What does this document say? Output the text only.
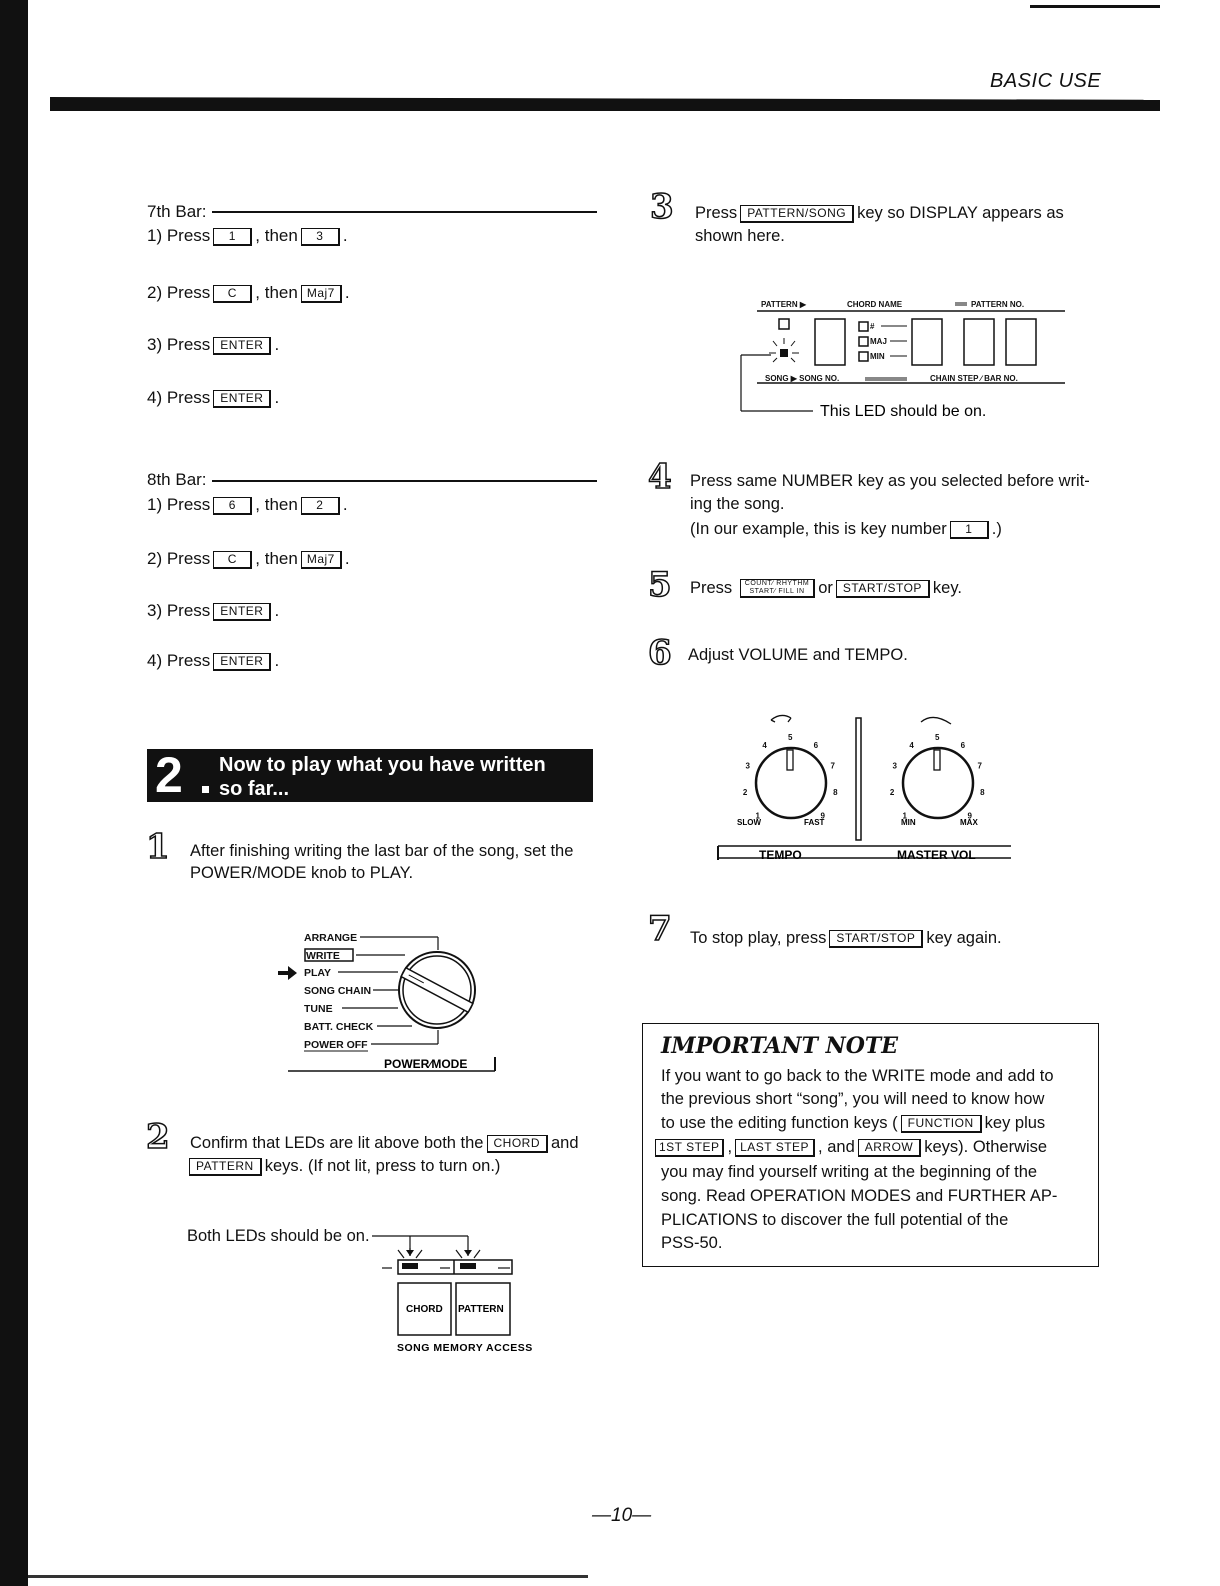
BASIC USE
7th Bar:
1) Press 1 , then 3 .
2) Press C , then Maj7 .
3) Press ENTER .
4) Press ENTER .
8th Bar:
1) Press 6 , then 2 .
2) Press C , then Maj7 .
3) Press ENTER .
4) Press ENTER .
2 Now to play what you have written
so far...
1 After finishing writing the last bar of the song, set the
POWER/MODE knob to PLAY.
ARRANGE
WRITE
PLAY
SONG CHAIN
TUNE
BATT. CHECK
POWER OFF
POWER∕MODE
2 Confirm that LEDs are lit above both the CHORD and
PATTERN keys. (If not lit, press to turn on.)
Both LEDs should be on.
CHORD PATTERN
SONG MEMORY ACCESS
3 Press PATTERN/SONG key so DISPLAY appears as
shown here.
PATTERN ▶	CHORD NAME	PATTERN NO.
#
MAJ
MIN
SONG ▶ SONG NO.	CHAIN STEP ∕ BAR NO.
This LED should be on.
4 Press same NUMBER key as you selected before writ-
ing the song.
(In our example, this is key number 1 .)
5 Press COUNT∕ RHYTHM
START∕ FILL IN or START/STOP key.
6 Adjust VOLUME and TEMPO.
1
2
3
4
5
6
7
8
9	1
2
3
4
5
6
7
8
9
SLOW	FAST	MIN	MAX
TEMPO	MASTER VOL
7 To stop play, press START/STOP key again.
IMPORTANT NOTE
If you want to go back to the WRITE mode and add to
the previous short “song”, you will need to know how
to use the editing function keys ( FUNCTION key plus
1ST STEP , LAST STEP , and ARROW keys). Otherwise
you may find yourself writing at the beginning of the
song. Read OPERATION MODES and FURTHER AP-
PLICATIONS to discover the full potential of the
PSS-50.
—10—
